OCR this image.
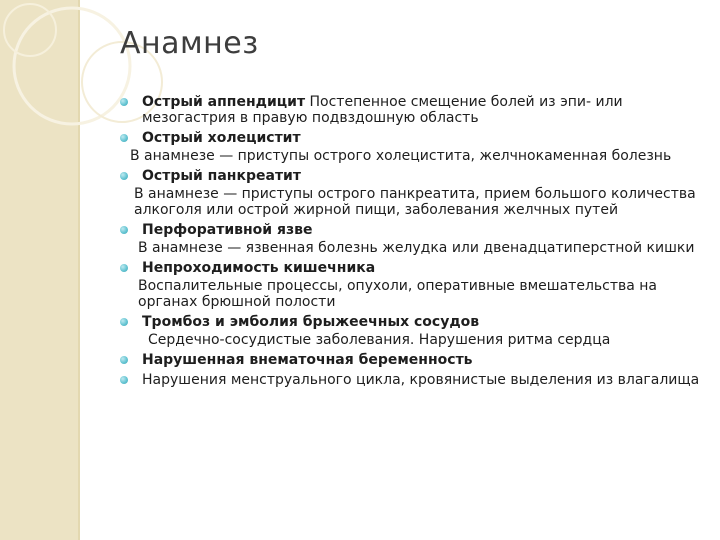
Анамнез
Острый аппендицит Постепенное смещение болей из эпи- или мезогастрия в правую подвздошную область
Острый холецистит
В анамнезе — приступы острого холецистита, желчнокаменная болезнь
Острый панкреатит
В анамнезе — приступы острого панкреатита, прием большого количества алкоголя или острой жирной пищи, заболевания желчных путей
Перфоративной язве
В анамнезе — язвенная болезнь желудка или двенадцатиперстной кишки
Непроходимость кишечника
Воспалительные процессы, опухоли, оперативные вмешательства на органах брюшной полости
Тромбоз и эмболия брыжеечных сосудов
Сердечно-сосудистые заболевания. Нарушения ритма сердца
Нарушенная внематочная беременность
Нарушения менструального цикла, кровянистые выделения из влагалища
